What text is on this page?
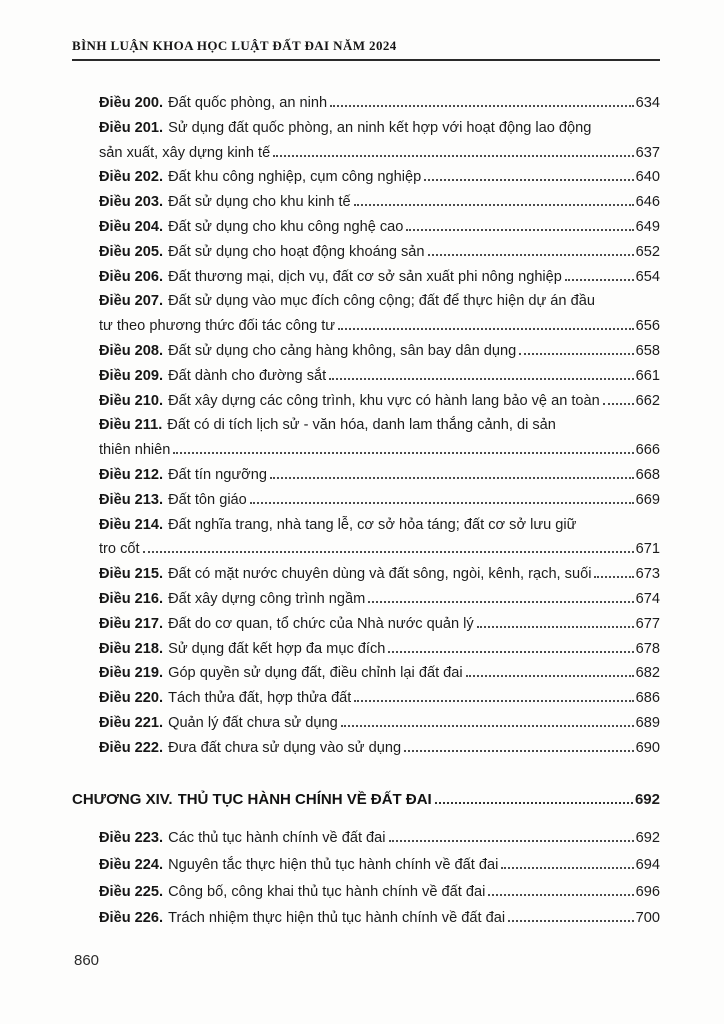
BÌNH LUẬN KHOA HỌC LUẬT ĐẤT ĐAI NĂM 2024
Điều 200. Đất quốc phòng, an ninh	634
Điều 201. Sử dụng đất quốc phòng, an ninh kết hợp với hoạt động lao động
sản xuất, xây dựng kinh tế	637
Điều 202. Đất khu công nghiệp, cụm công nghiệp	640
Điều 203. Đất sử dụng cho khu kinh tế	646
Điều 204. Đất sử dụng cho khu công nghệ cao	649
Điều 205. Đất sử dụng cho hoạt động khoáng sản	652
Điều 206. Đất thương mại, dịch vụ, đất cơ sở sản xuất phi nông nghiệp	654
Điều 207. Đất sử dụng vào mục đích công cộng; đất để thực hiện dự án đầu
tư theo phương thức đối tác công tư	656
Điều 208. Đất sử dụng cho cảng hàng không, sân bay dân dụng	658
Điều 209. Đất dành cho đường sắt	661
Điều 210. Đất xây dựng các công trình, khu vực có hành lang bảo vệ an toàn 662
Điều 211. Đất có di tích lịch sử - văn hóa, danh lam thắng cảnh, di sản
thiên nhiên	666
Điều 212. Đất tín ngưỡng	668
Điều 213. Đất tôn giáo	669
Điều 214. Đất nghĩa trang, nhà tang lễ, cơ sở hỏa táng; đất cơ sở lưu giữ
tro cốt	671
Điều 215. Đất có mặt nước chuyên dùng và đất sông, ngòi, kênh, rạch, suối	673
Điều 216. Đất xây dựng công trình ngầm	674
Điều 217. Đất do cơ quan, tổ chức của Nhà nước quản lý	677
Điều 218. Sử dụng đất kết hợp đa mục đích	678
Điều 219. Góp quyền sử dụng đất, điều chỉnh lại đất đai	682
Điều 220. Tách thửa đất, hợp thửa đất	686
Điều 221. Quản lý đất chưa sử dụng	689
Điều 222. Đưa đất chưa sử dụng vào sử dụng	690
CHƯƠNG XIV. THỦ TỤC HÀNH CHÍNH VỀ ĐẤT ĐAI	692
Điều 223. Các thủ tục hành chính về đất đai	692
Điều 224. Nguyên tắc thực hiện thủ tục hành chính về đất đai	694
Điều 225. Công bố, công khai thủ tục hành chính về đất đai	696
Điều 226. Trách nhiệm thực hiện thủ tục hành chính về đất đai	700
860
